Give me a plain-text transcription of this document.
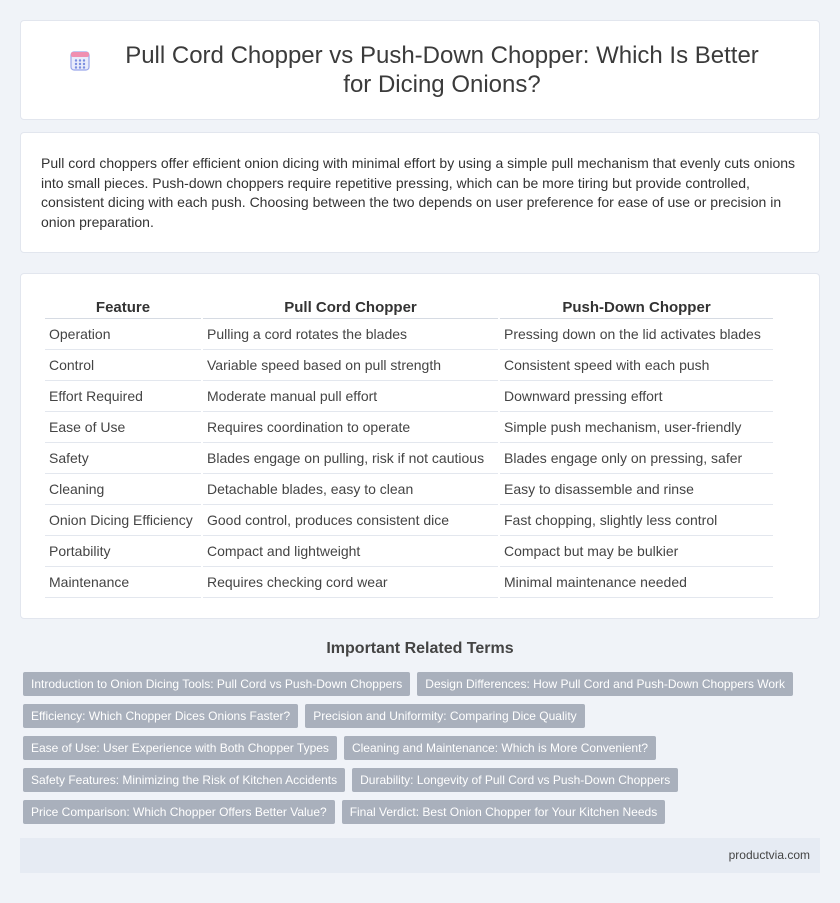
Pull Cord Chopper vs Push-Down Chopper: Which Is Better for Dicing Onions?

Pull cord choppers offer efficient onion dicing with minimal effort by using a simple pull mechanism that evenly cuts onions into small pieces. Push-down choppers require repetitive pressing, which can be more tiring but provide controlled, consistent dicing with each push. Choosing between the two depends on user preference for ease of use or precision in onion preparation.

Feature	Pull Cord Chopper	Push-Down Chopper
Operation	Pulling a cord rotates the blades	Pressing down on the lid activates blades
Control	Variable speed based on pull strength	Consistent speed with each push
Effort Required	Moderate manual pull effort	Downward pressing effort
Ease of Use	Requires coordination to operate	Simple push mechanism, user-friendly
Safety	Blades engage on pulling, risk if not cautious	Blades engage only on pressing, safer
Cleaning	Detachable blades, easy to clean	Easy to disassemble and rinse
Onion Dicing Efficiency	Good control, produces consistent dice	Fast chopping, slightly less control
Portability	Compact and lightweight	Compact but may be bulkier
Maintenance	Requires checking cord wear	Minimal maintenance needed
Important Related Terms
Introduction to Onion Dicing Tools: Pull Cord vs Push-Down Choppers	Design Differences: How Pull Cord and Push-Down Choppers Work
Efficiency: Which Chopper Dices Onions Faster?	Precision and Uniformity: Comparing Dice Quality
Ease of Use: User Experience with Both Chopper Types	Cleaning and Maintenance: Which is More Convenient?
Safety Features: Minimizing the Risk of Kitchen Accidents	Durability: Longevity of Pull Cord vs Push-Down Choppers
Price Comparison: Which Chopper Offers Better Value?	Final Verdict: Best Onion Chopper for Your Kitchen Needs
productvia.com
